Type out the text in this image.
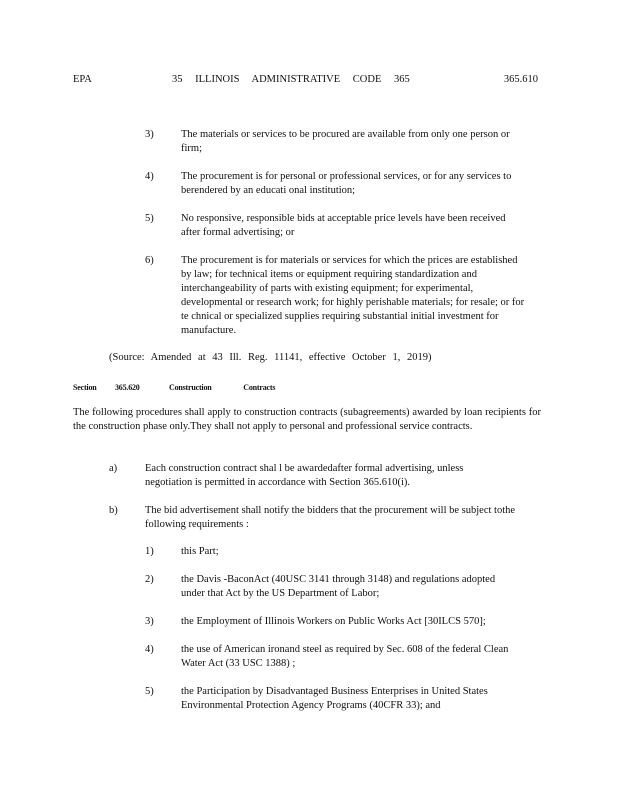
EPA	35 ILLINOIS ADMINISTRATIVE CODE 365	365.610
3)	The materials or services to be procured are available from only one person or firm;
4)	The procurement is for personal or professional services, or for any services to berendered by an educati onal institution;
5)	No responsive, responsible bids at acceptable price levels have been received after formal advertising; or
6)	The procurement is for materials or services for which the prices are established by law; for technical items or equipment requiring standardization and interchangeability of parts with existing equipment; for experimental, developmental or research work; for highly perishable materials; for resale; or for te chnical or specialized supplies requiring substantial initial investment for manufacture.
(Source: Amended at 43 Ill. Reg. 11141, effective October 1, 2019)
Section 365.620	Construction Contracts
The following procedures shall apply to construction contracts (subagreements) awarded by loan recipients for the construction phase only.They shall not apply to personal and professional service contracts.
a)	Each construction contract shal l be awardedafter formal advertising, unless negotiation is permitted in accordance with Section 365.610(i).
b)	The bid advertisement shall notify the bidders that the procurement will be subject tothe following requirements :
1)	this Part;
2)	the Davis -BaconAct (40USC 3141 through 3148) and regulations adopted under that Act by the US Department of Labor;
3)	the Employment of Illinois Workers on Public Works Act [30ILCS 570];
4)	the use of American ironand steel as required by Sec. 608 of the federal Clean Water Act (33 USC 1388) ;
5)	the Participation by Disadvantaged Business Enterprises in United States Environmental Protection Agency Programs (40CFR 33); and
